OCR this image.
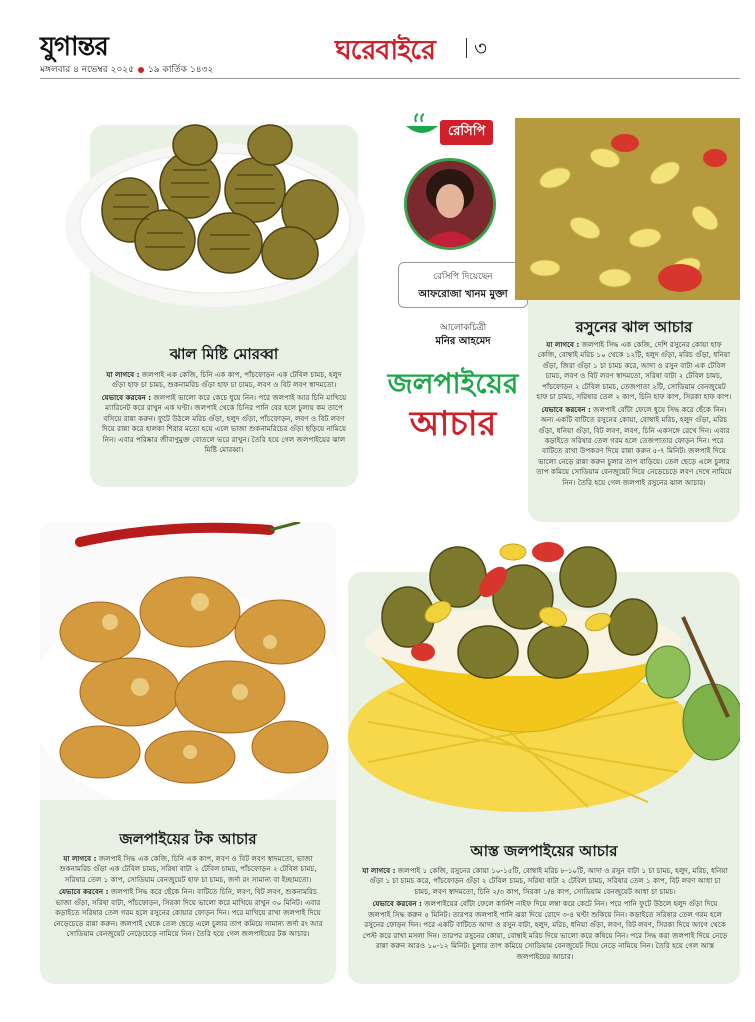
যুগান্তর
মঙ্গলবার ৪ নভেম্বর ২০২৫ ১৯ কার্তিক ১৪৩২
ঘরেবাইরে ৩
ঝাল মিষ্টি মোরব্বা

যা লাগবে : জলপাই এক কেজি, চিনি এক কাপ, পাঁচফোড়ন এক টেবিল চামচ, হলুদ গুঁড়া হাফ চা চামচ, শুকনামরিচ গুঁড়া হাফ চা চামচ, লবণ ও বিট লবণ স্বাদমতো।

যেভাবে করবেন : জলপাই ভালো করে কেচে ধুয়ে নিন। পরে জলপাই আর চিনি মাখিয়ে ম্যারিনেট করে রাখুন এক ঘণ্টা। জলপাই থেকে চিনির পানি বের হলে চুলায় কম তাপে বসিয়ে রান্না করুন। ফুটে উঠলে মরিচ গুঁড়া, হলুদ গুঁড়া, পাঁচফোড়ন, লবণ ও বিট লবণ দিয়ে রান্না করে হালকা শিরার মতো হয়ে এলে ভাজা শুকনামরিচের গুঁড়া ছড়িয়ে নামিয়ে নিন। এবার পরিষ্কার জীবাণুমুক্ত বোতলে ভরে রাখুন। তৈরি হয়ে গেল জলপাইয়ের ঝাল মিষ্টি মোরব্বা।

রেসিপি
রেসিপি দিয়েছেন
আফরোজা খানম মুক্তা
আলোকচিত্রী
মনির আহমেদ
জলপাইয়ের
আচার
রসুনের ঝাল আচার

যা লাগবে : জলপাই সিদ্ধ এক কেজি, দেশি রসুনের কোয়া হাফ কেজি, বোম্বাই মরিচ ১০ থেকে ১২টি, হলুদ গুঁড়া, মরিচ গুঁড়া, ধনিয়া গুঁড়া, জিরা গুঁড়া ১ চা চামচ করে, আদা ও রসুন বাটা এক টেবিল চামচ, লবণ ও বিট লবণ স্বাদমতো, সরিষা বাটা ২ টেবিল চামচ, পাঁচফোড়ন ২ টেবিল চামচ, তেজপাতা ২টি, সোডিয়াম বেনজুয়েট হাফ চা চামচ, সরিষার তেল ২ কাপ, চিনি হাফ কাপ, সিরকা হাফ কাপ।

যেভাবে করবেন : জলপাই বোঁটা ফেলে ধুয়ে সিদ্ধ করে ছেঁকে নিন। অন্য একটি বাটিতে রসুনের কোয়া, বোম্বাই মরিচ, হলুদ গুঁড়া, মরিচ গুঁড়া, ধনিয়া গুঁড়া, বিট লবণ, লবণ, চিনি একসঙ্গে রেখে দিন। এবার কড়াইতে সরিষার তেল গরম হলে তেজপাতার ফোড়ন দিন। পরে বাটিতে রাখা উপকরণ দিয়ে রান্না করুন ৫-৭ মিনিট। জলপাই দিয়ে ভালো নেড়ে রান্না করুন চুলার তাপ বাড়িয়ে। তেল ছেড়ে এলে চুলার তাপ কমিয়ে সোডিয়াম বেনজুয়েট দিয়ে নেড়েচেড়ে লবণ দেখে নামিয়ে নিন। তৈরি হয়ে গেল জলপাই রসুনের ঝাল আচার।

জলপাইয়ের টক আচার

যা লাগবে : জলপাই সিদ্ধ এক কেজি, চিনি এক কাপ, লবণ ও বিট লবণ স্বাদমতো, ভাজা শুকনামরিচ গুঁড়া এক টেবিল চামচ, সরিষা বাটা ২ টেবিল চামচ, পাঁচফোড়ন ২ টেবিল চামচ, সরিষার তেল ১ কাপ, সোডিয়াম বেনজুয়েট হাফ চা চামচ, জর্দা রং সামান্য বা ইচ্ছামতো।

যেভাবে করবেন : জলপাই সিদ্ধ করে ছেঁকে নিন। বাটিতে চিনি, লবণ, বিট লবণ, শুকনামরিচ ভাজা গুঁড়া, সরিষা বাটা, পাঁচফোড়ন, সিরকা দিয়ে ভালো করে মাখিয়ে রাখুন ৩০ মিনিট। এবার কড়াইতে সরিষার তেল গরম হলে রসুনের কোয়ার ফোড়ন দিন। পরে মাখিয়ে রাখা জলপাই দিয়ে নেড়েচেড়ে রান্না করুন। জলপাই থেকে তেল ছেড়ে এলে চুলার তাপ কমিয়ে সামান্য জর্দা রং আর সোডিয়াম বেনজুয়েট নেড়েচেড়ে নামিয়ে নিন। তৈরি হয়ে গেল জলপাইয়ের টক আচার।

আস্ত জলপাইয়ের আচার

যা লাগবে : জলপাই ১ কেজি, রসুনের কোয়া ১০-১৫টি, বোম্বাই মরিচ ৮-১০টি, আদা ও রসুন বাটা ১ চা চামচ, হলুদ, মরিচ, ধনিয়া গুঁড়া ১ চা চামচ করে, পাঁচফোড়ন গুঁড়া ২ টেবিল চামচ, সরিষা বাটা ২ টেবিল চামচ, সরিষার তেল ১ কাপ, বিট লবণ আধা চা চামচ, লবণ স্বাদমতো, চিনি ২/৩ কাপ, সিরকা ১/৪ কাপ, সোডিয়াম বেনজুয়েট আধা চা চামচ।

যেভাবে করবেন : জলপাইয়ের বোঁটা ফেলে কার্নিশ নাইফ দিয়ে লম্বা করে কেটে নিন। পরে পানি ফুটে উঠলে হলুদ গুঁড়া দিয়ে জলপাই সিদ্ধ করুন ৫ মিনিট। তারপর জলপাই পানি ঝরা দিয়ে রোদে ৩-৪ ঘণ্টা শুকিয়ে নিন। কড়াইতে সরিষার তেল গরম হলে রসুনের ফোড়ন দিন। পরে একটি বাটিতে আদা ও রসুন বাটা, হলুদ, মরিচ, ধনিয়া গুঁড়া, লবণ, বিট লবণ, সিরকা দিয়ে আগে থেকে পেস্ট করে রাখা মসলা দিন। তারপর রসুনের কোয়া, বোম্বাই মরিচ দিয়ে ভালো করে কষিয়ে নিন। পরে সিদ্ধ করা জলপাই দিয়ে নেড়ে রান্না করুন আরও ১০-১২ মিনিট। চুলার তাপ কমিয়ে সোডিয়াম বেনজুয়েট দিয়ে নেড়ে নামিয়ে নিন। তৈরি হয়ে গেল আস্ত জলপাইয়ের আচার।
